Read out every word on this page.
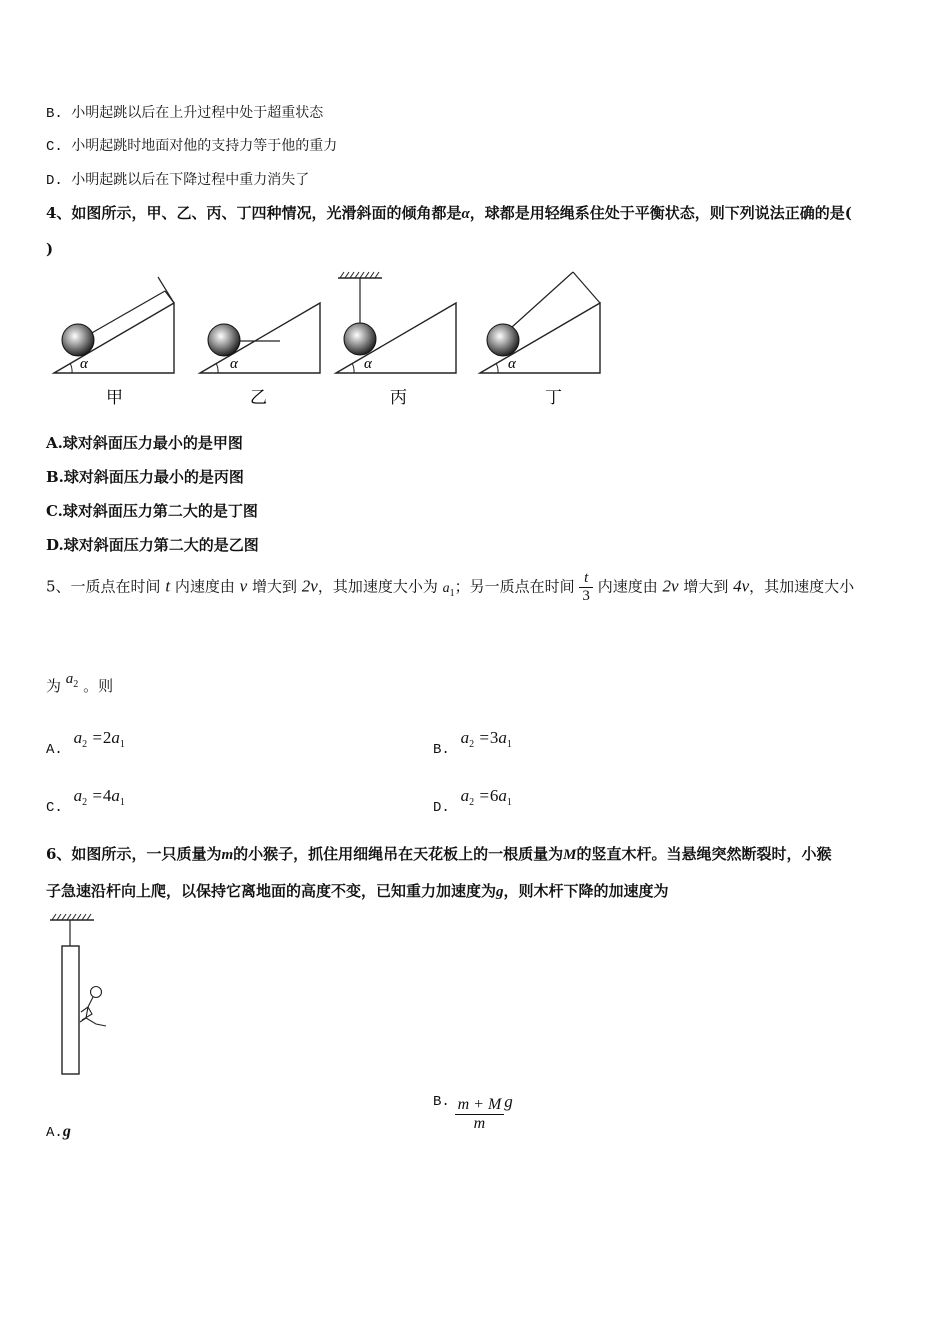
B. 小明起跳以后在上升过程中处于超重状态
C. 小明起跳时地面对他的支持力等于他的重力
D. 小明起跳以后在下降过程中重力消失了
4、如图所示，甲、乙、丙、丁四种情况，光滑斜面的倾角都是α，球都是用轻绳系住处于平衡状态，则下列说法正确的是(
)
α
甲
α
乙
α
丙
α
丁
A.球对斜面压力最小的是甲图
B.球对斜面压力最小的是丙图
C.球对斜面压力第二大的是丁图
D.球对斜面压力第二大的是乙图
5、一质点在时间 t 内速度由 v 增大到 2v，其加速度大小为 $a_1$；另一质点在时间 $\frac{t}{3}$ 内速度由 2v 增大到 4v，其加速度大小
为 $a_2$ 。则
A. $a_2 =2a_1$	B. $a_2 =3a_1$
C. $a_2 =4a_1$	D. $a_2 =6a_1$
6、如图所示，一只质量为m的小猴子，抓住用细绳吊在天花板上的一根质量为M的竖直木杆。当悬绳突然断裂时，小猴
子急速沿杆向上爬，以保持它离地面的高度不变，已知重力加速度为g，则木杆下降的加速度为
A.g
B. $\frac{m + M}{m}$ g
